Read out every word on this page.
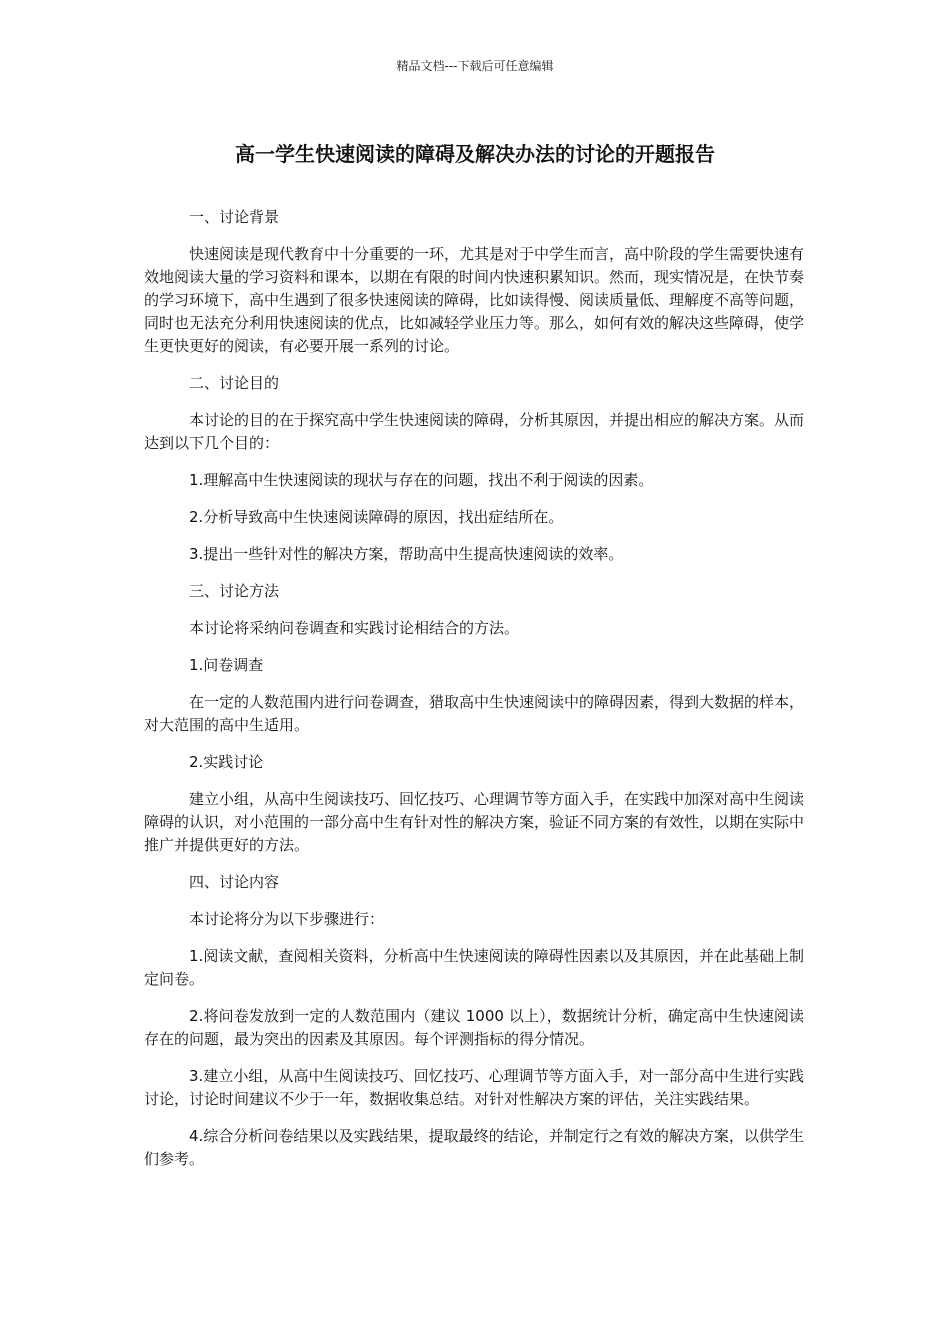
精品文档---下载后可任意编辑
高一学生快速阅读的障碍及解决办法的讨论的开题报告

一、讨论背景

快速阅读是现代教育中十分重要的一环，尤其是对于中学生而言，高中阶段的学生需要快速有效地阅读大量的学习资料和课本，以期在有限的时间内快速积累知识。然而，现实情况是，在快节奏的学习环境下，高中生遇到了很多快速阅读的障碍，比如读得慢、阅读质量低、理解度不高等问题，同时也无法充分利用快速阅读的优点，比如减轻学业压力等。那么，如何有效的解决这些障碍，使学生更快更好的阅读，有必要开展一系列的讨论。

二、讨论目的

本讨论的目的在于探究高中学生快速阅读的障碍，分析其原因，并提出相应的解决方案。从而达到以下几个目的：

1.理解高中生快速阅读的现状与存在的问题，找出不利于阅读的因素。

2.分析导致高中生快速阅读障碍的原因，找出症结所在。

3.提出一些针对性的解决方案，帮助高中生提高快速阅读的效率。

三、讨论方法

本讨论将采纳问卷调查和实践讨论相结合的方法。

1.问卷调查

在一定的人数范围内进行问卷调查，猎取高中生快速阅读中的障碍因素，得到大数据的样本，对大范围的高中生适用。

2.实践讨论

建立小组，从高中生阅读技巧、回忆技巧、心理调节等方面入手，在实践中加深对高中生阅读障碍的认识，对小范围的一部分高中生有针对性的解决方案，验证不同方案的有效性，以期在实际中推广并提供更好的方法。

四、讨论内容

本讨论将分为以下步骤进行：

1.阅读文献，查阅相关资料，分析高中生快速阅读的障碍性因素以及其原因，并在此基础上制定问卷。

2.将问卷发放到一定的人数范围内（建议 1000 以上），数据统计分析，确定高中生快速阅读存在的问题，最为突出的因素及其原因。每个评测指标的得分情况。

3.建立小组，从高中生阅读技巧、回忆技巧、心理调节等方面入手，对一部分高中生进行实践讨论，讨论时间建议不少于一年，数据收集总结。对针对性解决方案的评估，关注实践结果。

4.综合分析问卷结果以及实践结果，提取最终的结论，并制定行之有效的解决方案，以供学生们参考。
